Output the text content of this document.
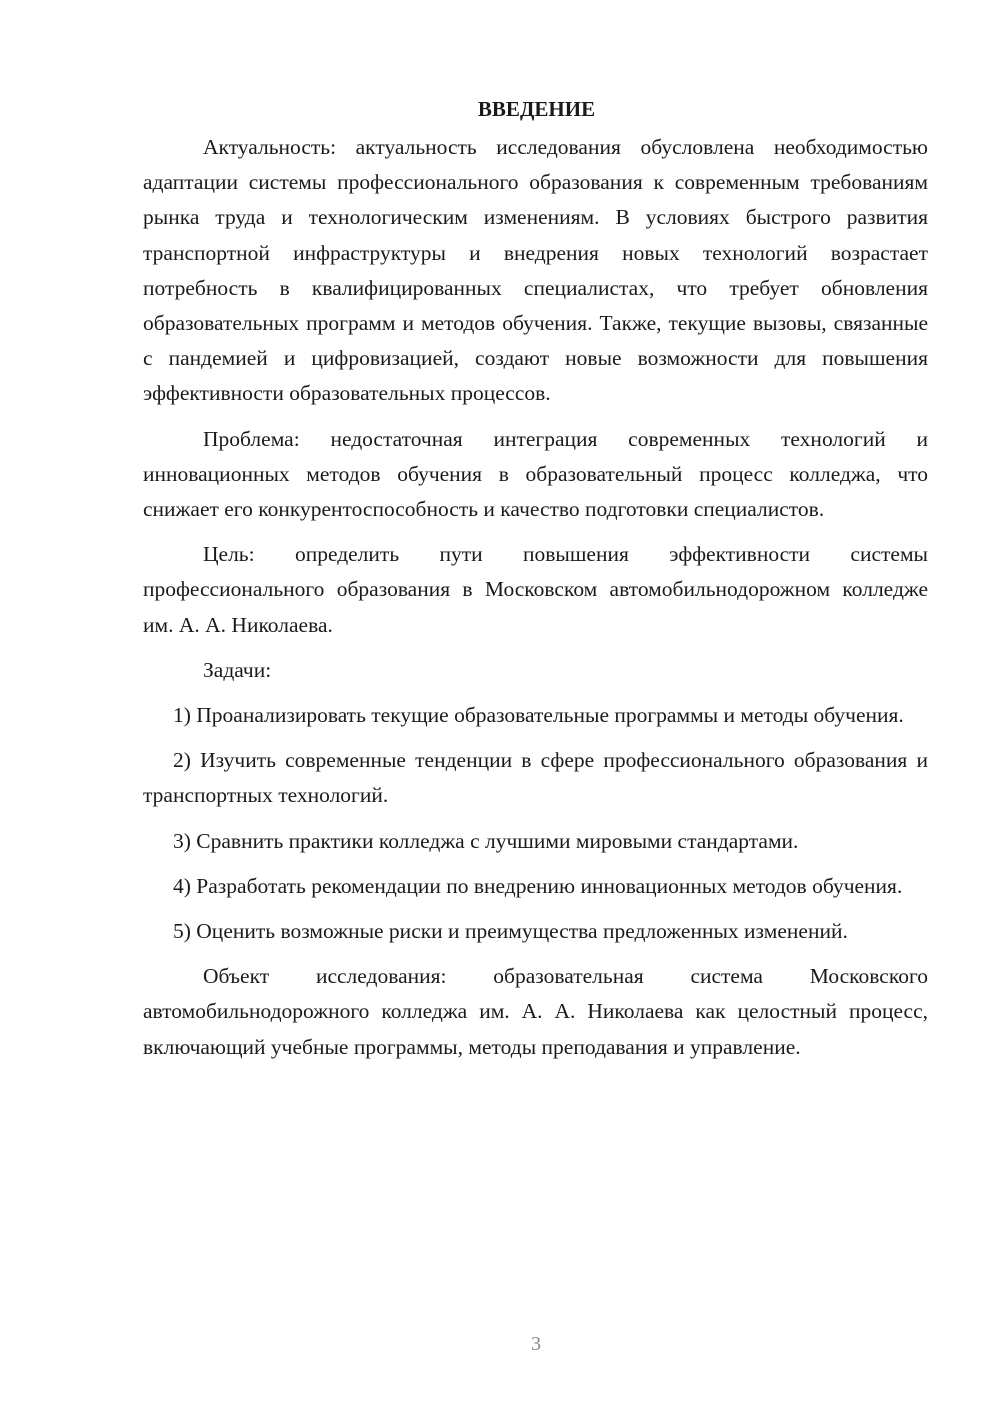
ВВЕДЕНИЕ

Актуальность: актуальность исследования обусловлена необходимостью адаптации системы профессионального образования к современным требованиям рынка труда и технологическим изменениям. В условиях быстрого развития транспортной инфраструктуры и внедрения новых технологий возрастает потребность в квалифицированных специалистах, что требует обновления образовательных программ и методов обучения. Также, текущие вызовы, связанные с пандемией и цифровизацией, создают новые возможности для повышения эффективности образовательных процессов.

Проблема: недостаточная интеграция современных технологий и инновационных методов обучения в образовательный процесс колледжа, что снижает его конкурентоспособность и качество подготовки специалистов.

Цель: определить пути повышения эффективности системы профессионального образования в Московском автомобильнодорожном колледже им. А. А. Николаева.

Задачи:

1) Проанализировать текущие образовательные программы и методы обучения.

2) Изучить современные тенденции в сфере профессионального образования и транспортных технологий.

3) Сравнить практики колледжа с лучшими мировыми стандартами.

4) Разработать рекомендации по внедрению инновационных методов обучения.

5) Оценить возможные риски и преимущества предложенных изменений.

Объект исследования: образовательная система Московского автомобильнодорожного колледжа им. А. А. Николаева как целостный процесс, включающий учебные программы, методы преподавания и управление.

3
